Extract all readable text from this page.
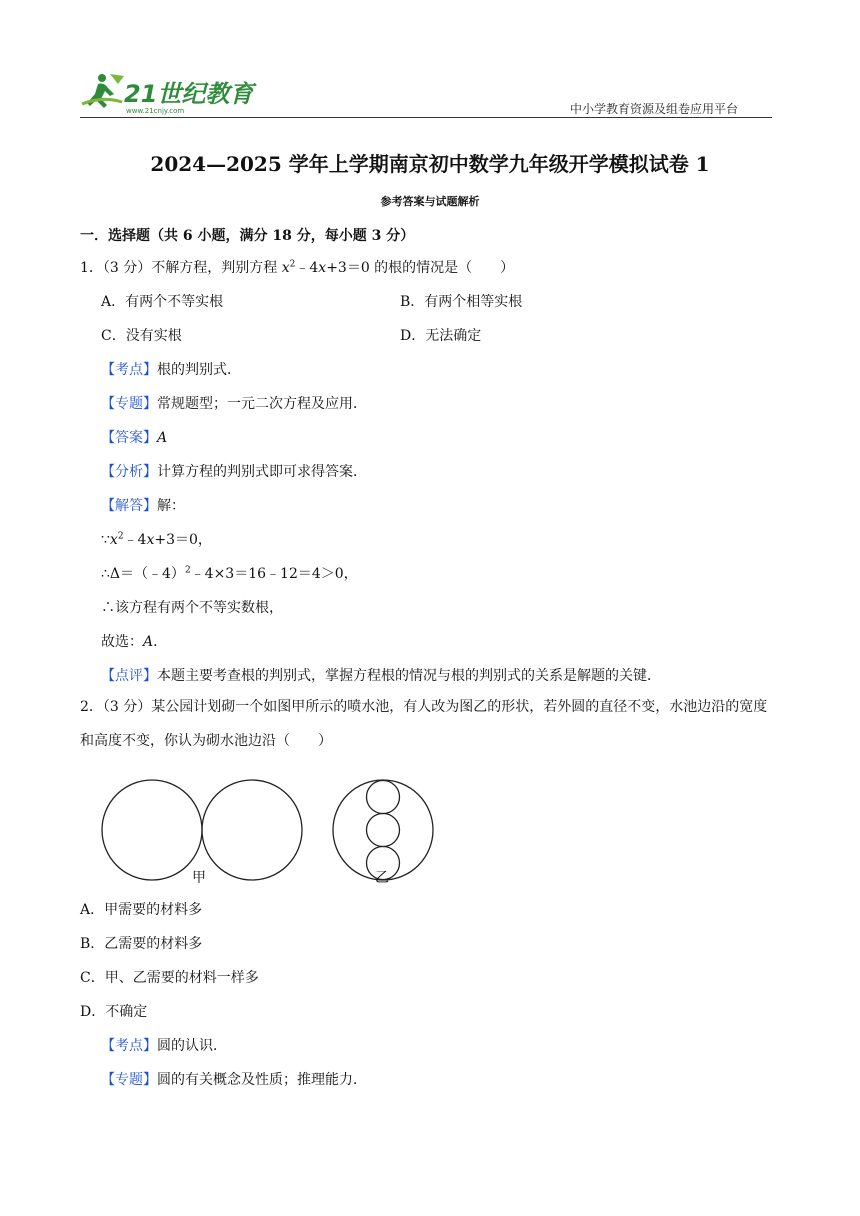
21世纪教育
www.21cnjy.com	中小学教育资源及组卷应用平台
2024—2025 学年上学期南京初中数学九年级开学模拟试卷 1
参考答案与试题解析
一．选择题（共 6 小题，满分 18 分，每小题 3 分）
1．（3 分）不解方程，判别方程 $x^2﹣4x+3=0$ 的根的情况是（　　）
A．有两个不等实根	B．有两个相等实根
C．没有实根	D．无法确定
【考点】根的判别式．
【专题】常规题型；一元二次方程及应用．
【答案】A
【分析】计算方程的判别式即可求得答案．
【解答】解：
$\because x^2﹣4x+3=0$，
∴Δ＝（﹣4）$^2$﹣4×3＝16﹣12＝4＞0，
∴该方程有两个不等实数根，
故选：A．
【点评】本题主要考查根的判别式，掌握方程根的情况与根的判别式的关系是解题的关键．
2．（3 分）某公园计划砌一个如图甲所示的喷水池，有人改为图乙的形状，若外圆的直径不变，水池边沿的宽度和高度不变，你认为砌水池边沿（　　）
甲	乙
A．甲需要的材料多
B．乙需要的材料多
C．甲、乙需要的材料一样多
D．不确定
【考点】圆的认识．
【专题】圆的有关概念及性质；推理能力．
